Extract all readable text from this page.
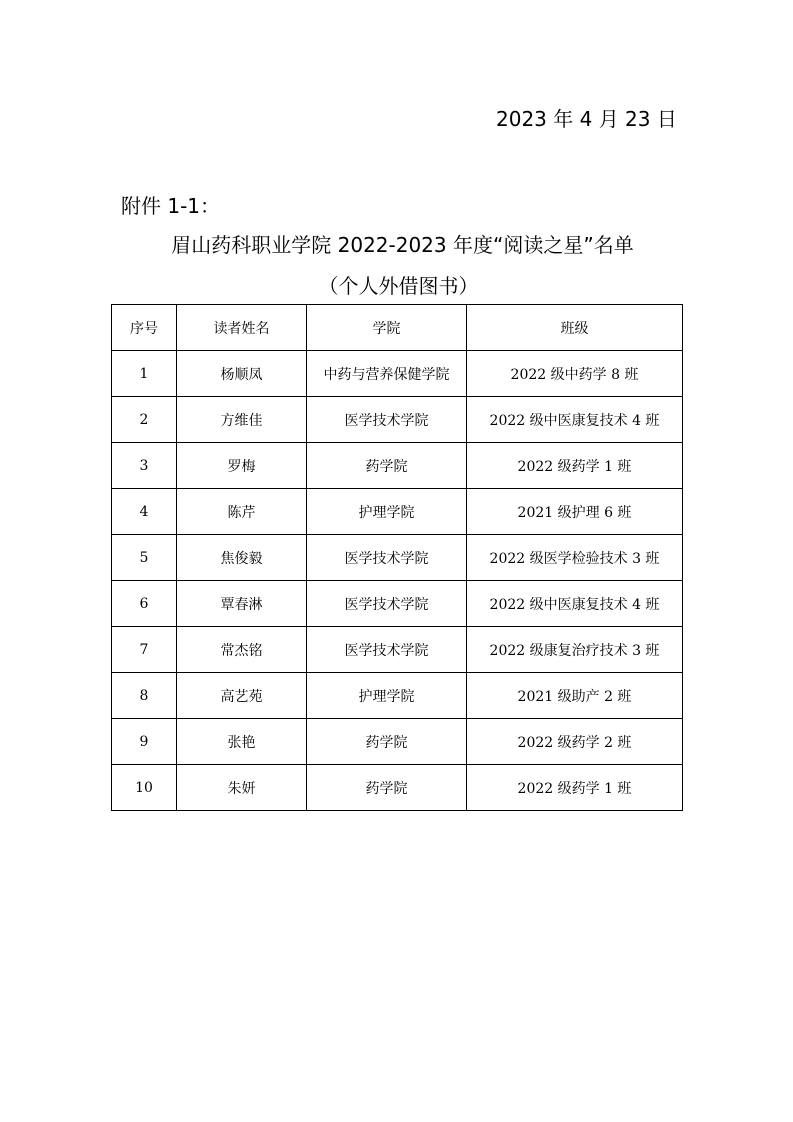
2023 年 4 月 23 日
附件 1-1：
眉山药科职业学院 2022-2023 年度“阅读之星”名单
（个人外借图书）
序号	读者姓名	学院	班级
1	杨顺凤	中药与营养保健学院	2022 级中药学 8 班
2	方维佳	医学技术学院	2022 级中医康复技术 4 班
3	罗梅	药学院	2022 级药学 1 班
4	陈芹	护理学院	2021 级护理 6 班
5	焦俊毅	医学技术学院	2022 级医学检验技术 3 班
6	覃春淋	医学技术学院	2022 级中医康复技术 4 班
7	常杰铭	医学技术学院	2022 级康复治疗技术 3 班
8	高艺苑	护理学院	2021 级助产 2 班
9	张艳	药学院	2022 级药学 2 班
10	朱妍	药学院	2022 级药学 1 班
